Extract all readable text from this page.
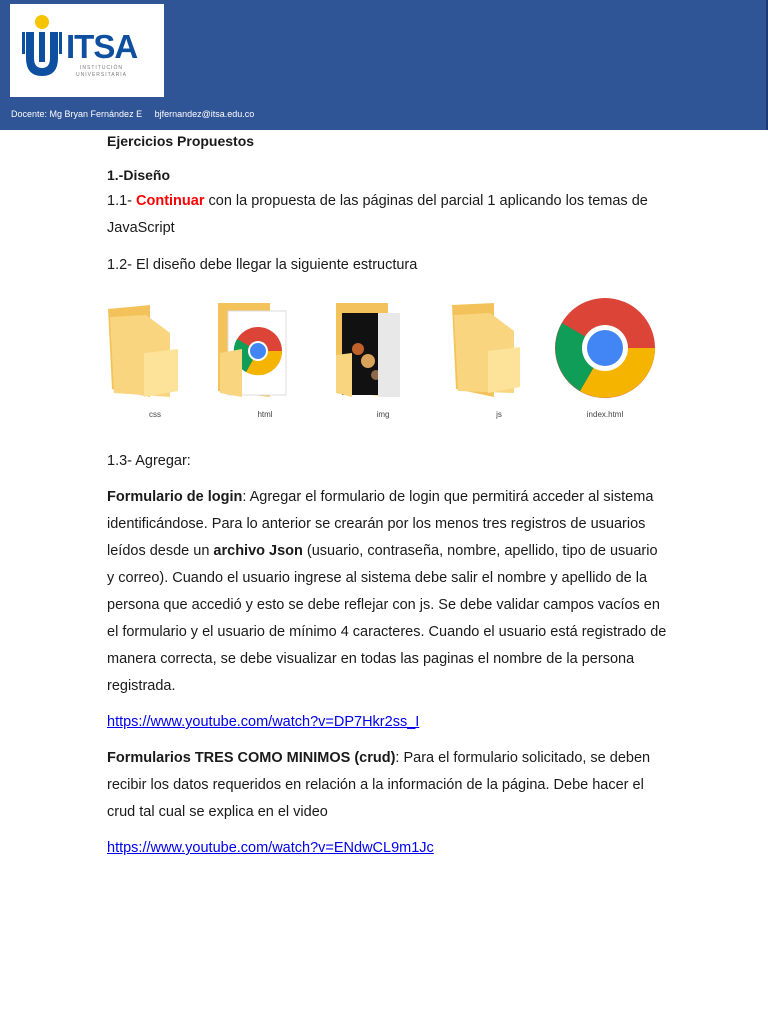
ITSA
INSTITUCIÓN
UNIVERSITARIA
Docente: Mg Bryan Fernández E     bjfernandez@itsa.edu.co

Ejercicios Propuestos

1.-Diseño

1.1- Continuar con la propuesta de las páginas del parcial 1 aplicando los temas de JavaScript

1.2- El diseño debe llegar la siguiente estructura

css	html	img	js	index.html

1.3- Agregar:

Formulario de login: Agregar el formulario de login que permitirá acceder al sistema identificándose. Para lo anterior se crearán por los menos tres registros de usuarios leídos desde un archivo Json (usuario, contraseña, nombre, apellido, tipo de usuario y correo). Cuando el usuario ingrese al sistema debe salir el nombre y apellido de la persona que accedió y esto se debe reflejar con js. Se debe validar campos vacíos en el formulario y el usuario de mínimo 4 caracteres. Cuando el usuario está registrado de manera correcta, se debe visualizar en todas las paginas el nombre de la persona registrada.

https://www.youtube.com/watch?v=DP7Hkr2ss_I

Formularios TRES COMO MINIMOS (crud): Para el formulario solicitado, se deben recibir los datos requeridos en relación a la información de la página. Debe hacer el crud tal cual se explica en el video

https://www.youtube.com/watch?v=ENdwCL9m1Jc
